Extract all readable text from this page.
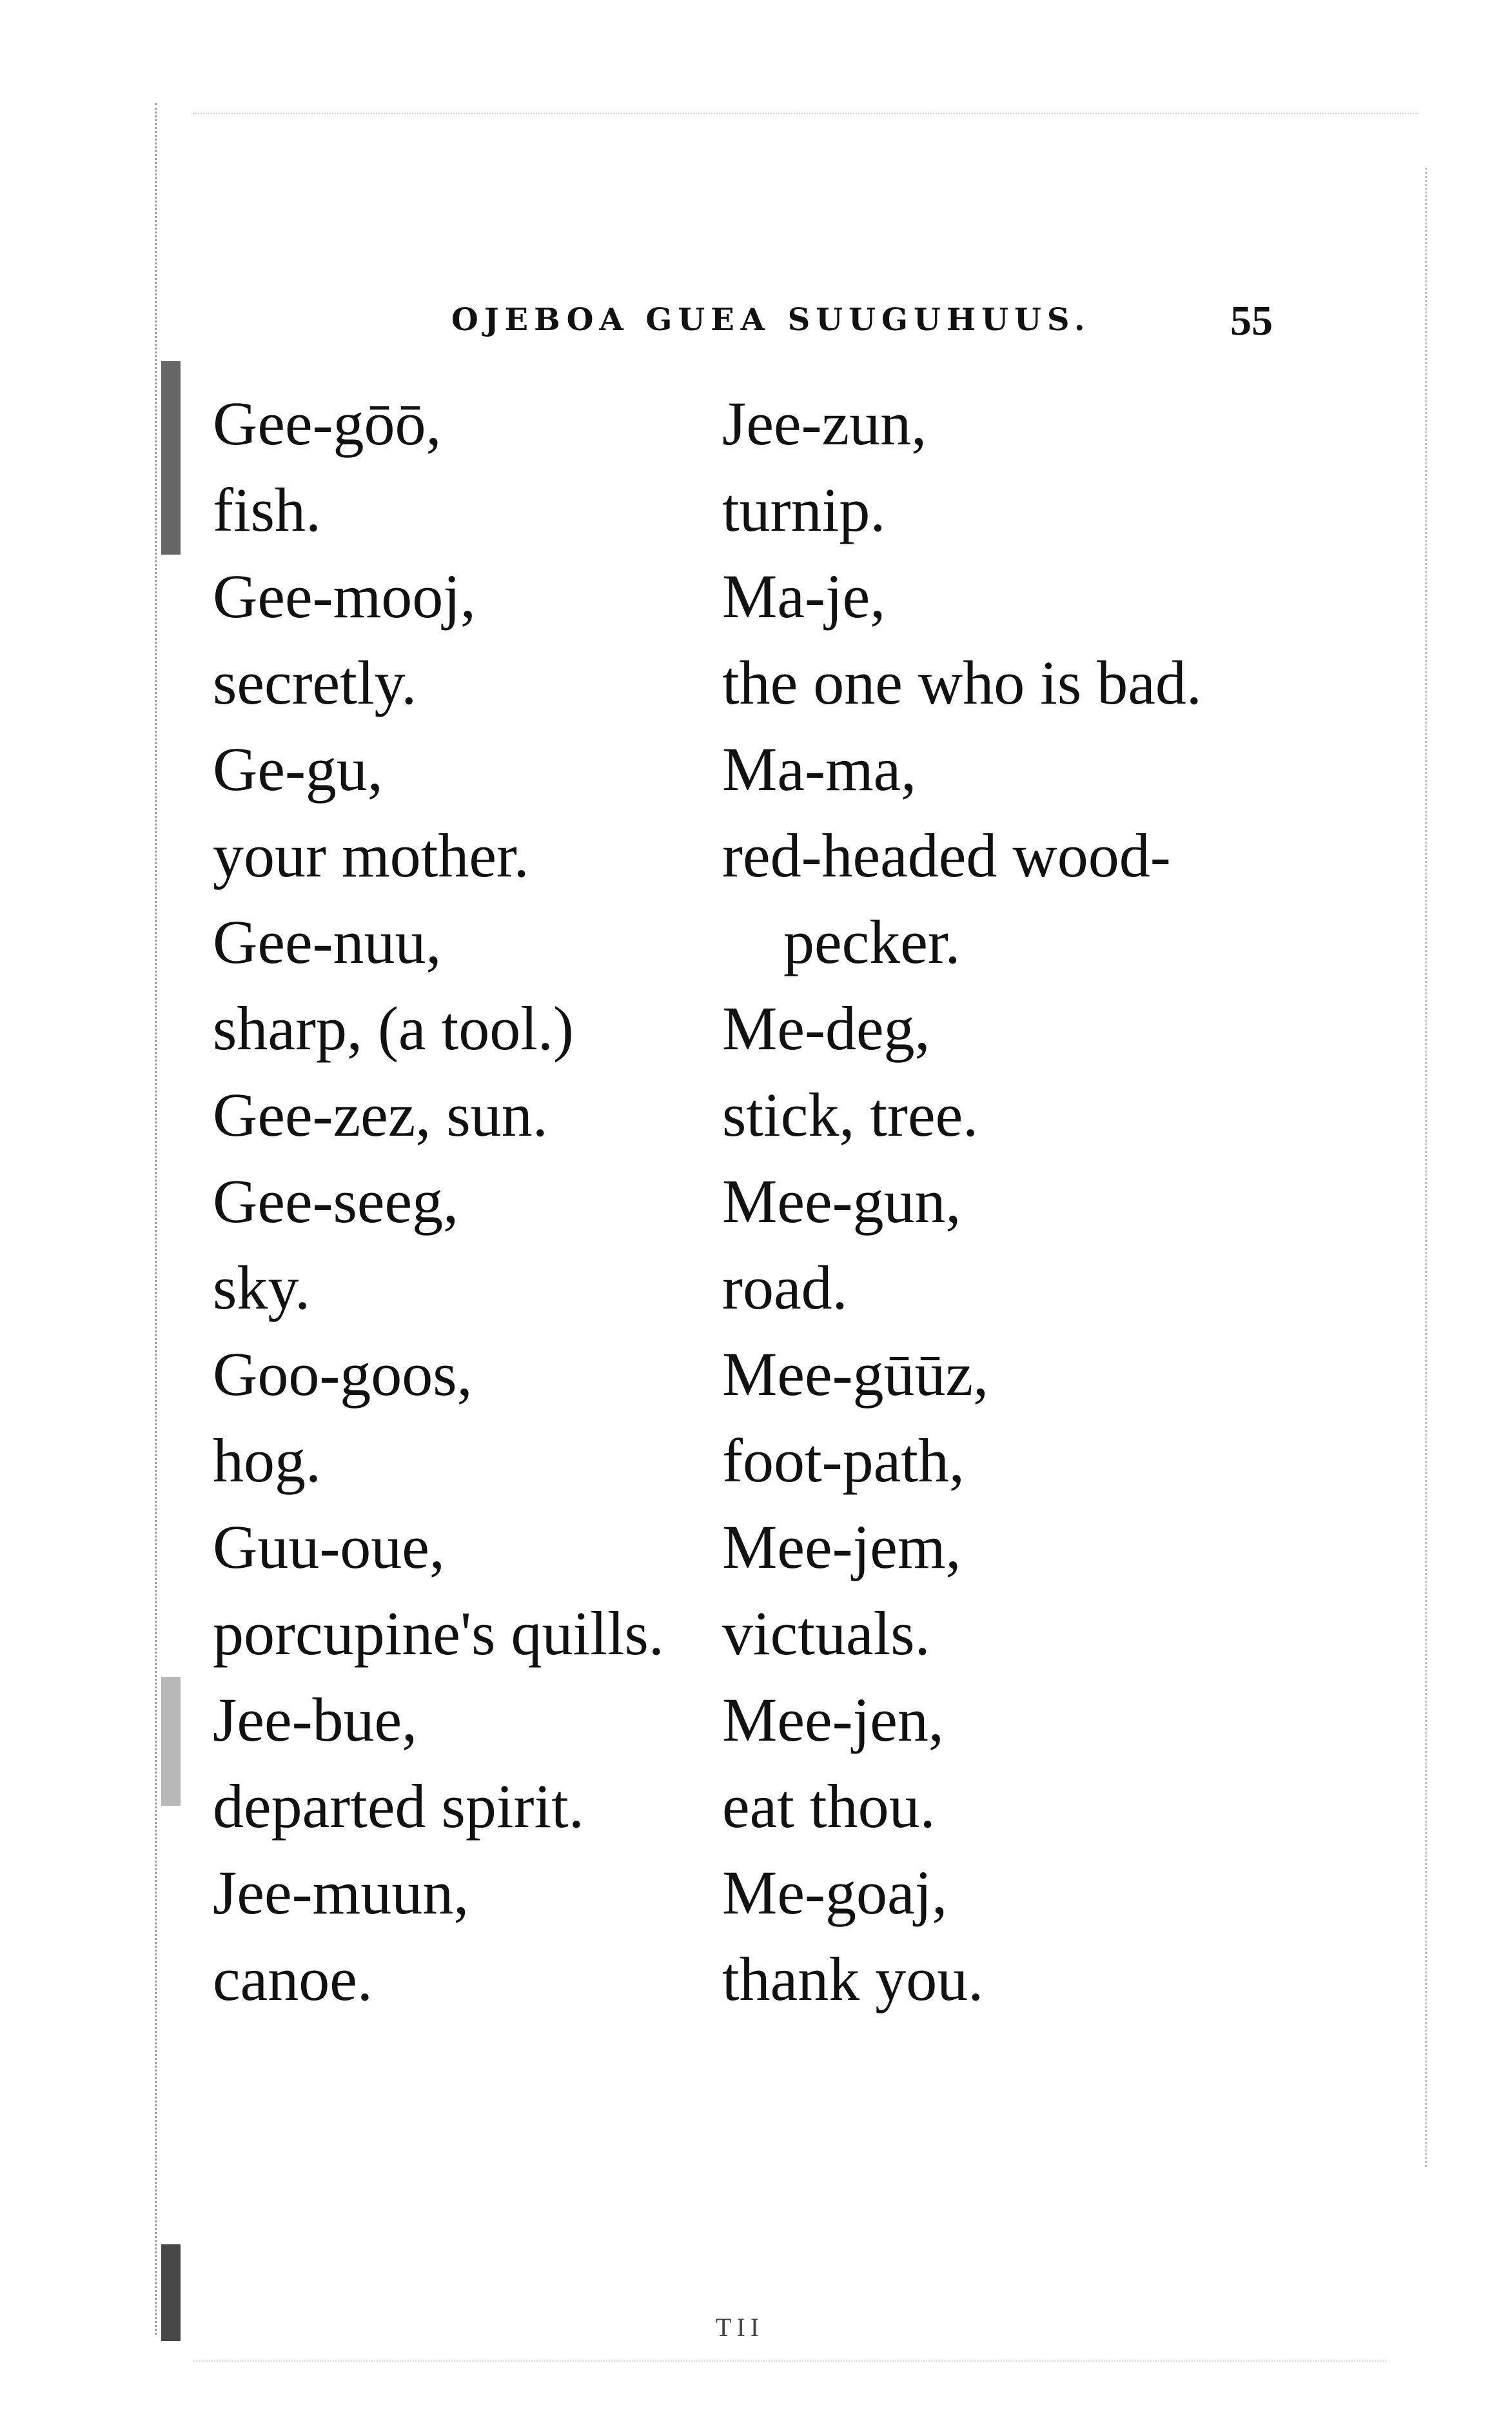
OJEBOA GUEА SUUGUНUUS.	55
Gee-gōō,
fish.
Gee-mooj,
secretly.
Ge-gu,
your mother.
Gee-nuu,
sharp, (a tool.)
Gee-zez, sun.
Gee-seeg,
sky.
Goo-goos,
hog.
Guu-oue,
porcupine's quills.
Jee-bue,
departed spirit.
Jee-muun,
canoe.
Jee-zun,
turnip.
Ma-je,
the one who is bad.
Ma-ma,
red-headed wood-
pecker.
Me-deg,
stick, tree.
Mee-gun,
road.
Mee-gūūz,
foot-path,
Mee-jem,
victuals.
Mee-jen,
eat thou.
Me-goaj,
thank you.
TII
